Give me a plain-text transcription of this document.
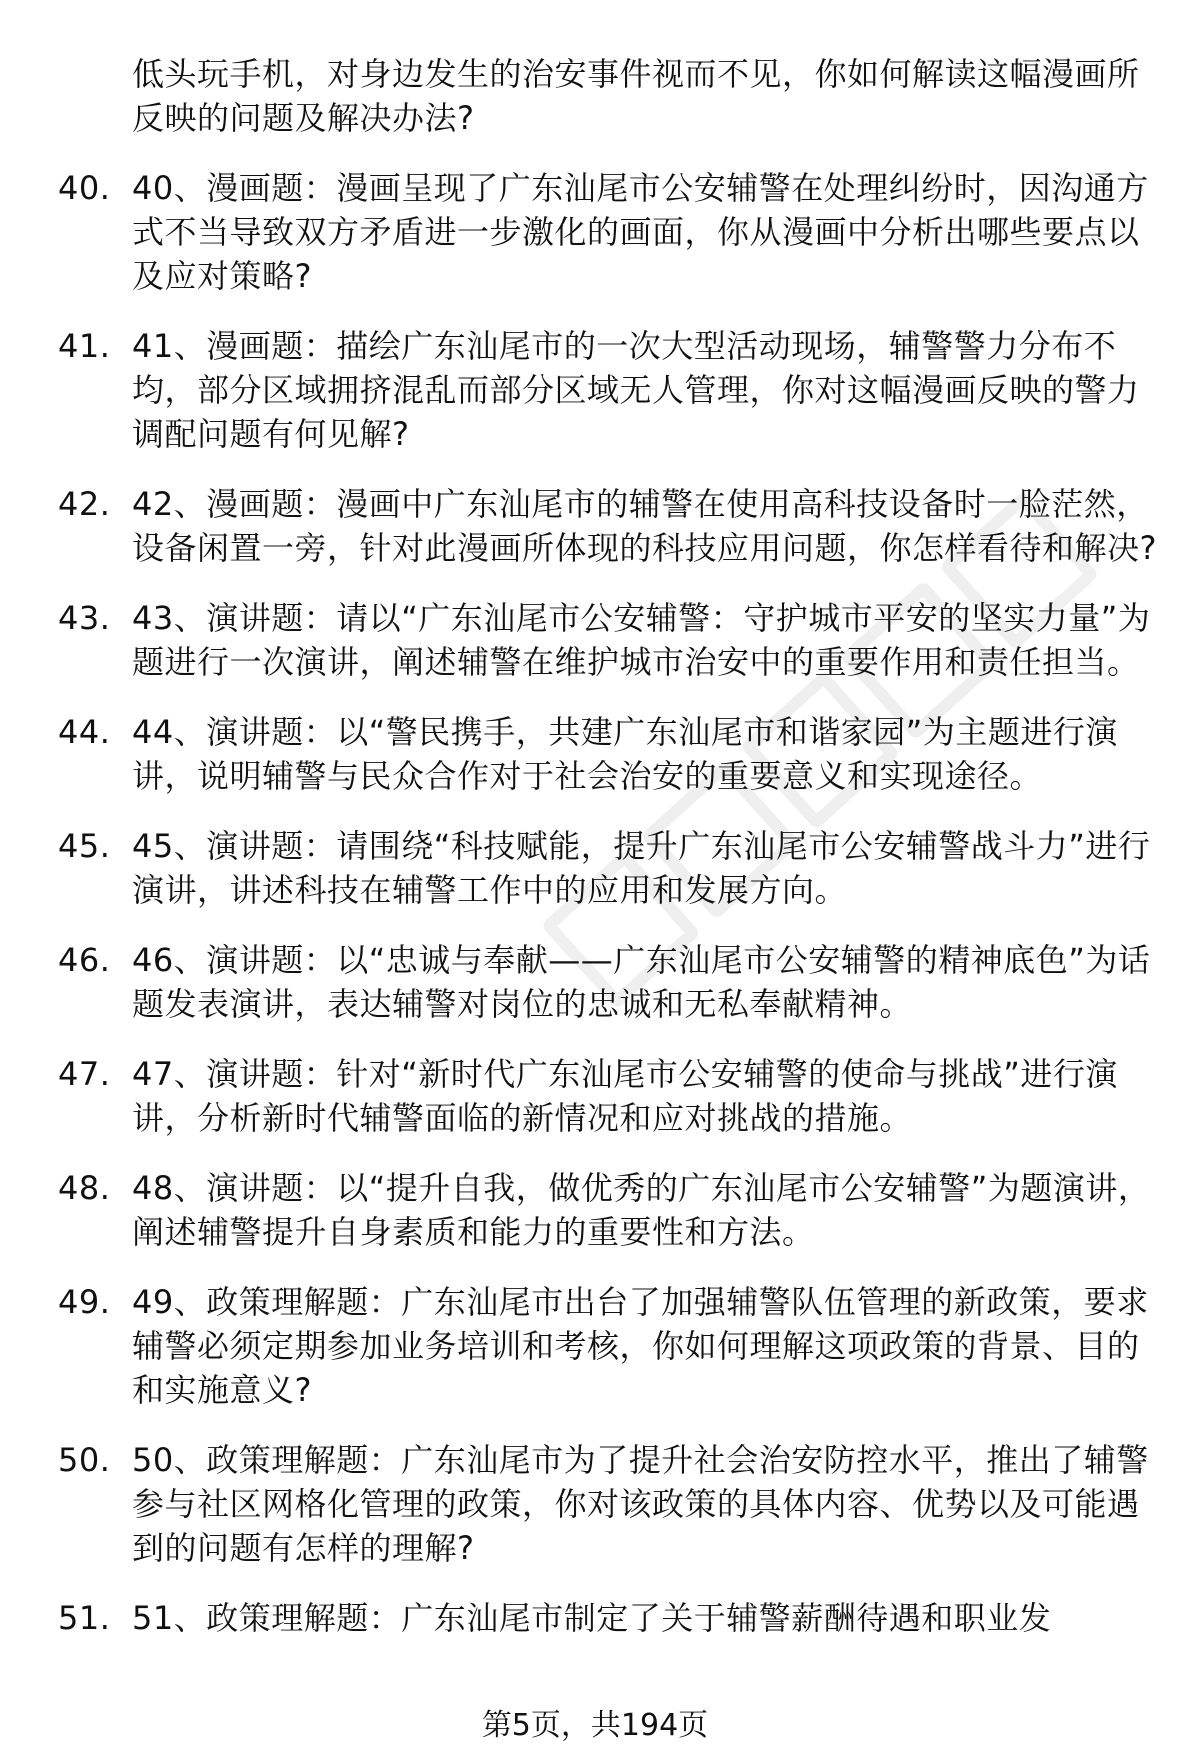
低头玩手机，对身边发生的治安事件视而不见，你如何解读这幅漫画所反映的问题及解决办法?
40. 40、漫画题：漫画呈现了广东汕尾市公安辅警在处理纠纷时，因沟通方式不当导致双方矛盾进一步激化的画面，你从漫画中分析出哪些要点以及应对策略?
41. 41、漫画题：描绘广东汕尾市的一次大型活动现场，辅警警力分布不均，部分区域拥挤混乱而部分区域无人管理，你对这幅漫画反映的警力调配问题有何见解?
42. 42、漫画题：漫画中广东汕尾市的辅警在使用高科技设备时一脸茫然，设备闲置一旁，针对此漫画所体现的科技应用问题，你怎样看待和解决?
43. 43、演讲题：请以“广东汕尾市公安辅警：守护城市平安的坚实力量”为题进行一次演讲，阐述辅警在维护城市治安中的重要作用和责任担当。
44. 44、演讲题：以“警民携手，共建广东汕尾市和谐家园”为主题进行演讲，说明辅警与民众合作对于社会治安的重要意义和实现途径。
45. 45、演讲题：请围绕“科技赋能，提升广东汕尾市公安辅警战斗力”进行演讲，讲述科技在辅警工作中的应用和发展方向。
46. 46、演讲题：以“忠诚与奉献——广东汕尾市公安辅警的精神底色”为话题发表演讲，表达辅警对岗位的忠诚和无私奉献精神。
47. 47、演讲题：针对“新时代广东汕尾市公安辅警的使命与挑战”进行演讲，分析新时代辅警面临的新情况和应对挑战的措施。
48. 48、演讲题：以“提升自我，做优秀的广东汕尾市公安辅警”为题演讲，阐述辅警提升自身素质和能力的重要性和方法。
49. 49、政策理解题：广东汕尾市出台了加强辅警队伍管理的新政策，要求辅警必须定期参加业务培训和考核，你如何理解这项政策的背景、目的和实施意义?
50. 50、政策理解题：广东汕尾市为了提升社会治安防控水平，推出了辅警参与社区网格化管理的政策，你对该政策的具体内容、优势以及可能遇到的问题有怎样的理解?
51. 51、政策理解题：广东汕尾市制定了关于辅警薪酬待遇和职业发
第5页，共194页
